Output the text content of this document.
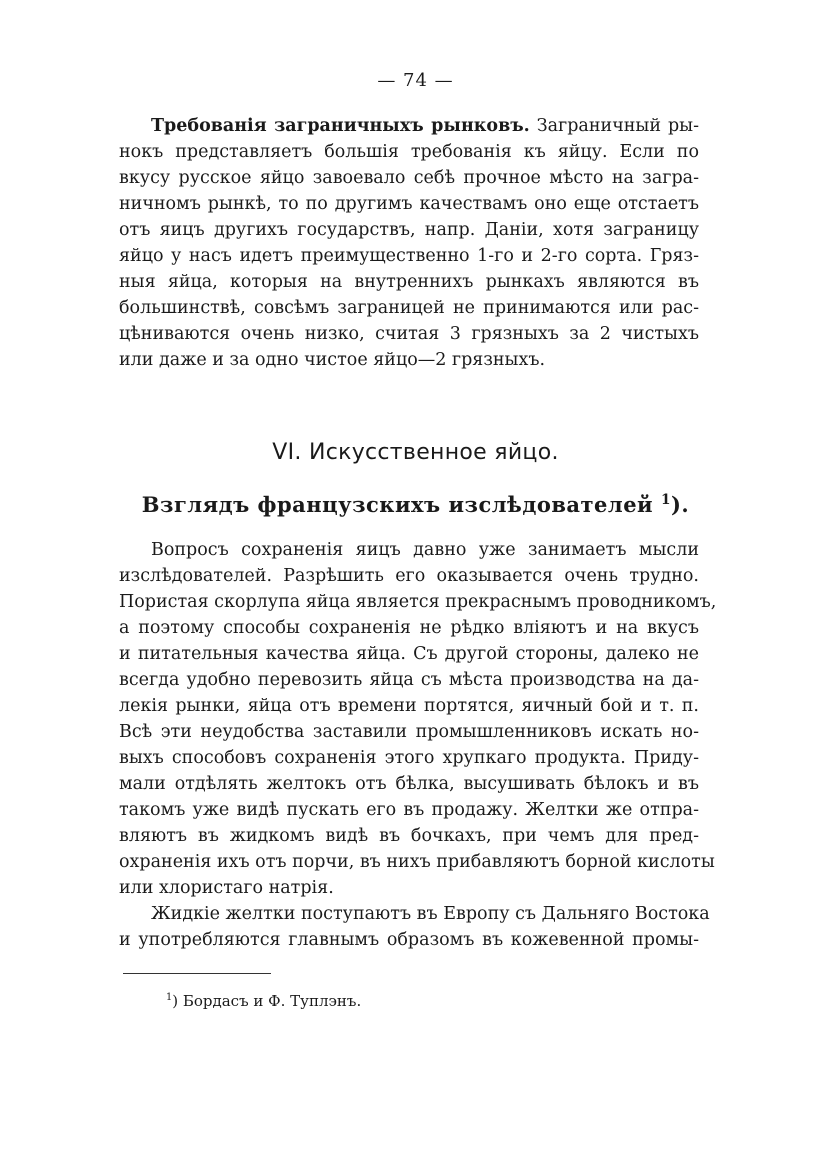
— 74 —
Требованія заграничныхъ рынковъ. Заграничный ры-
нокъ представляетъ большія требованія къ яйцу. Если по
вкусу русское яйцо завоевало себѣ прочное мѣсто на загра-
ничномъ рынкѣ, то по другимъ качествамъ оно еще отстаетъ
отъ яицъ другихъ государствъ, напр. Даніи, хотя заграницу
яйцо у насъ идетъ преимущественно 1-го и 2-го сорта. Гряз-
ныя яйца, которыя на внутреннихъ рынкахъ являются въ
большинствѣ, совсѣмъ заграницей не принимаются или рас-
цѣниваются очень низко, считая 3 грязныхъ за 2 чистыхъ
или даже и за одно чистое яйцо—2 грязныхъ.
VI. Искусственное яйцо.
Взглядъ французскихъ изслѣдователей $^1$).
Вопросъ сохраненія яицъ давно уже занимаетъ мысли
изслѣдователей. Разрѣшить его оказывается очень трудно.
Пористая скорлупа яйца является прекраснымъ проводникомъ,
а поэтому способы сохраненія не рѣдко вліяютъ и на вкусъ
и питательныя качества яйца. Съ другой стороны, далеко не
всегда удобно перевозить яйца съ мѣста производства на да-
лекія рынки, яйца отъ времени портятся, яичный бой и т. п.
Всѣ эти неудобства заставили промышленниковъ искать но-
выхъ способовъ сохраненія этого хрупкаго продукта. Приду-
мали отдѣлять желтокъ отъ бѣлка, высушивать бѣлокъ и въ
такомъ уже видѣ пускать его въ продажу. Желтки же отпра-
вляютъ въ жидкомъ видѣ въ бочкахъ, при чемъ для пред-
охраненія ихъ отъ порчи, въ нихъ прибавляютъ борной кислоты
или хлористаго натрія.
Жидкіе желтки поступаютъ въ Европу съ Дальняго Востока
и употребляются главнымъ образомъ въ кожевенной промы-
$^1$) Бордасъ и Ф. Туплэнъ.
